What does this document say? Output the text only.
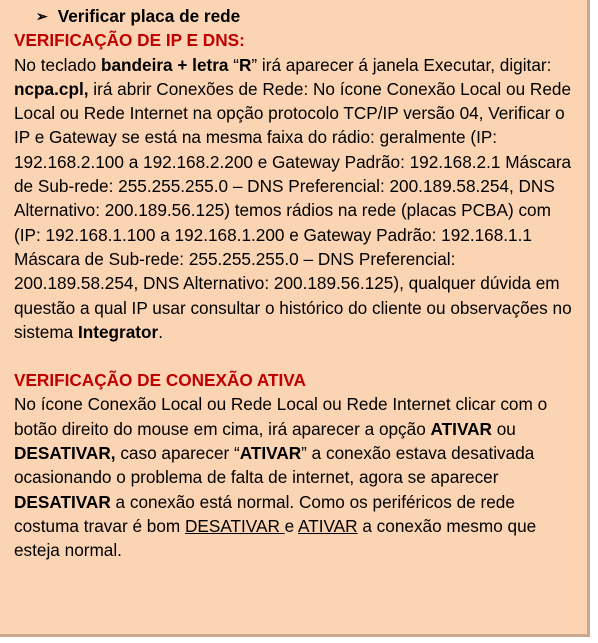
➢ Verificar placa de rede
VERIFICAÇÃO DE IP E DNS:

No teclado bandeira + letra “R” irá aparecer á janela Executar, digitar: ncpa.cpl, irá abrir Conexões de Rede: No ícone Conexão Local ou Rede Local ou Rede Internet na opção protocolo TCP/IP versão 04, Verificar o IP e Gateway se está na mesma faixa do rádio: geralmente (IP: 192.168.2.100 a 192.168.2.200 e Gateway Padrão: 192.168.2.1 Máscara de Sub-rede: 255.255.255.0 – DNS Preferencial: 200.189.58.254, DNS Alternativo: 200.189.56.125) temos rádios na rede (placas PCBA) com (IP: 192.168.1.100 a 192.168.1.200 e Gateway Padrão: 192.168.1.1 Máscara de Sub-rede: 255.255.255.0 – DNS Preferencial: 200.189.58.254, DNS Alternativo: 200.189.56.125), qualquer dúvida em questão a qual IP usar consultar o histórico do cliente ou observações no sistema Integrator.

VERIFICAÇÃO DE CONEXÃO ATIVA

No ícone Conexão Local ou Rede Local ou Rede Internet clicar com o botão direito do mouse em cima, irá aparecer a opção ATIVAR ou DESATIVAR, caso aparecer “ATIVAR” a conexão estava desativada ocasionando o problema de falta de internet, agora se aparecer DESATIVAR a conexão está normal. Como os periféricos de rede costuma travar é bom DESATIVAR e ATIVAR a conexão mesmo que esteja normal.
